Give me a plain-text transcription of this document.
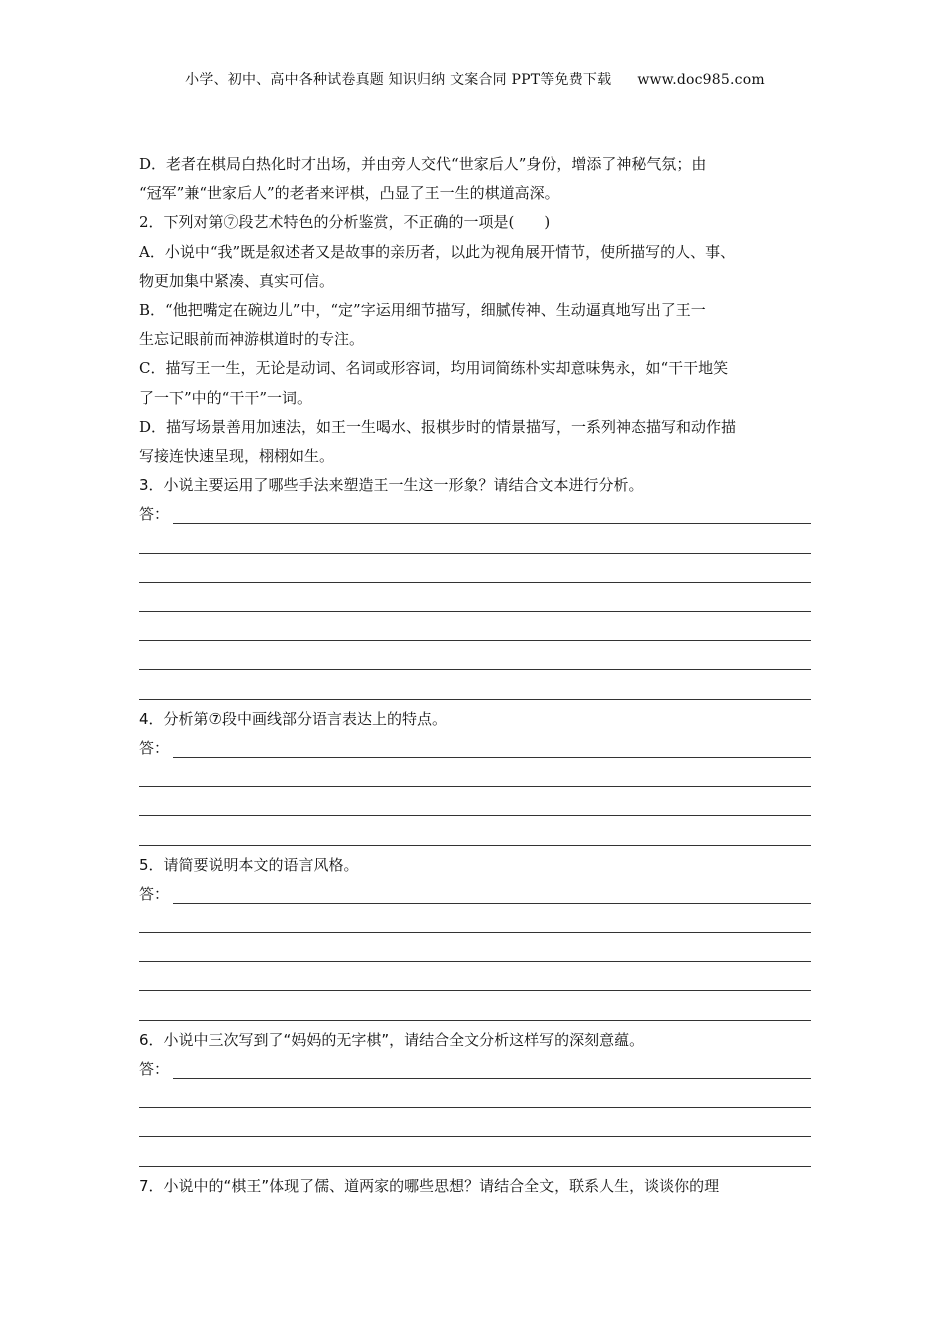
小学、初中、高中各种试卷真题 知识归纳 文案合同 PPT等免费下载 www.doc985.com
D．老者在棋局白热化时才出场，并由旁人交代“世家后人”身份，增添了神秘气氛；由
“冠军”兼“世家后人”的老者来评棋，凸显了王一生的棋道高深。
2．下列对第⑦段艺术特色的分析鉴赏，不正确的一项是(　　)
A．小说中“我”既是叙述者又是故事的亲历者，以此为视角展开情节，使所描写的人、事、
物更加集中紧凑、真实可信。
B．“他把嘴定在碗边儿”中，“定”字运用细节描写，细腻传神、生动逼真地写出了王一
生忘记眼前而神游棋道时的专注。
C．描写王一生，无论是动词、名词或形容词，均用词简练朴实却意味隽永，如“干干地笑
了一下”中的“干干”一词。
D．描写场景善用加速法，如王一生喝水、报棋步时的情景描写，一系列神态描写和动作描
写接连快速呈现，栩栩如生。
3．小说主要运用了哪些手法来塑造王一生这一形象？请结合文本进行分析。
答：
4．分析第⑦段中画线部分语言表达上的特点。
答：
5．请简要说明本文的语言风格。
答：
6．小说中三次写到了“妈妈的无字棋”，请结合全文分析这样写的深刻意蕴。
答：
7．小说中的“棋王”体现了儒、道两家的哪些思想？请结合全文，联系人生，谈谈你的理
